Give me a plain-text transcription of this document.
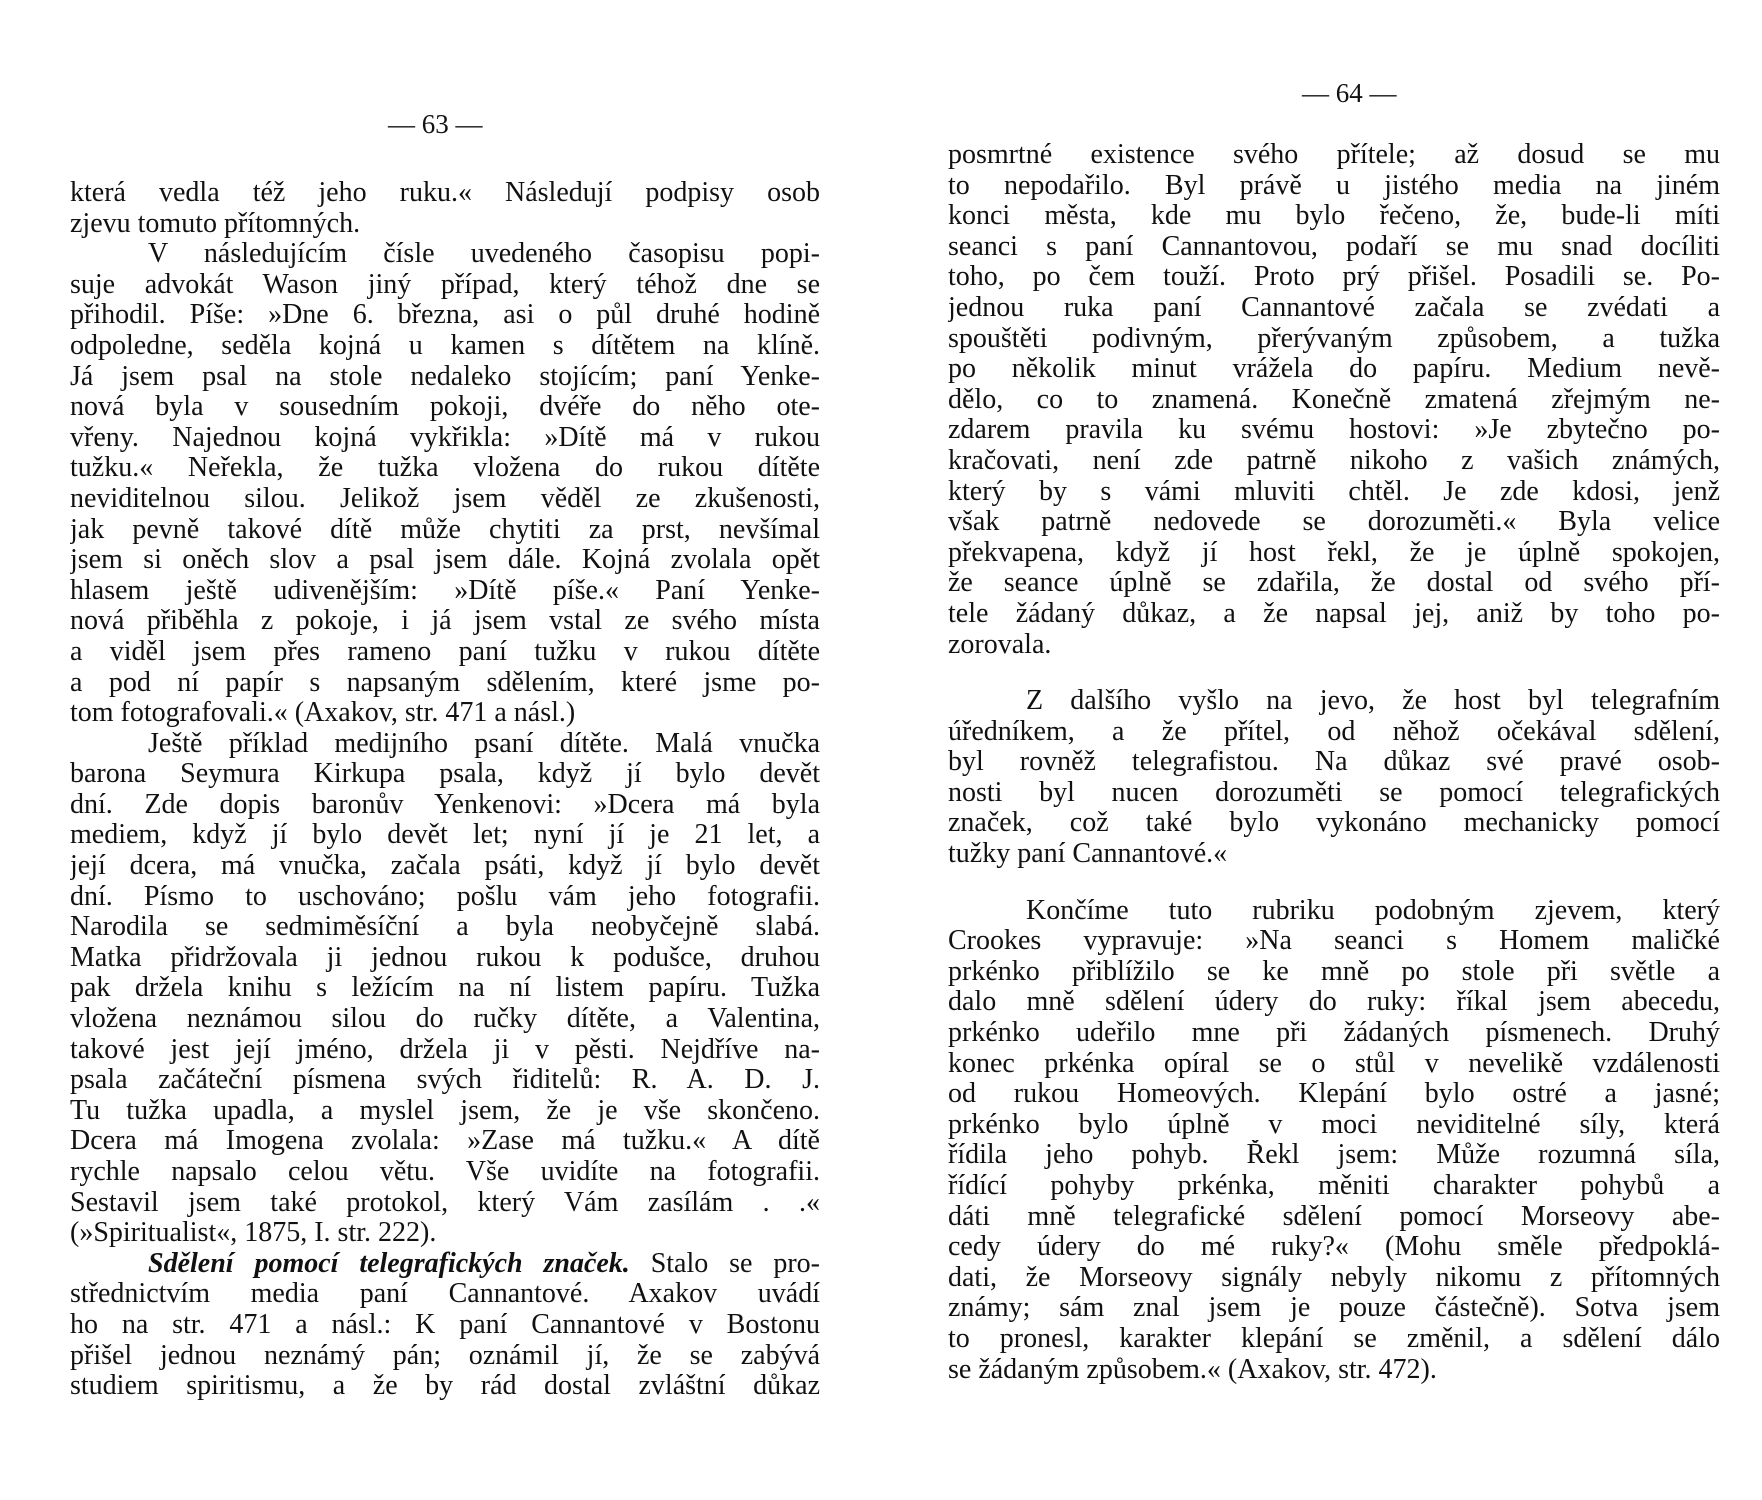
— 63 —
která vedla též jeho ruku.« Následují podpisy osob
zjevu tomuto přítomných.
V následujícím čísle uvedeného časopisu popi-
suje advokát Wason jiný případ, který téhož dne se
přihodil. Píše: »Dne 6. března, asi o půl druhé hodině
odpoledne, seděla kojná u kamen s dítětem na klíně.
Já jsem psal na stole nedaleko stojícím; paní Yenke-
nová byla v sousedním pokoji, dvéře do něho ote-
vřeny. Najednou kojná vykřikla: »Dítě má v rukou
tužku.« Neřekla, že tužka vložena do rukou dítěte
neviditelnou silou. Jelikož jsem věděl ze zkušenosti,
jak pevně takové dítě může chytiti za prst, nevšímal
jsem si oněch slov a psal jsem dále. Kojná zvolala opět
hlasem ještě udivenějším: »Dítě píše.« Paní Yenke-
nová přiběhla z pokoje, i já jsem vstal ze svého místa
a viděl jsem přes rameno paní tužku v rukou dítěte
a pod ní papír s napsaným sdělením, které jsme po-
tom fotografovali.« (Axakov, str. 471 a násl.)
Ještě příklad medijního psaní dítěte. Malá vnučka
barona Seymura Kirkupa psala, když jí bylo devět
dní. Zde dopis baronův Yenkenovi: »Dcera má byla
mediem, když jí bylo devět let; nyní jí je 21 let, a
její dcera, má vnučka, začala psáti, když jí bylo devět
dní. Písmo to uschováno; pošlu vám jeho fotografii.
Narodila se sedmiměsíční a byla neobyčejně slabá.
Matka přidržovala ji jednou rukou k podušce, druhou
pak držela knihu s ležícím na ní listem papíru. Tužka
vložena neznámou silou do ručky dítěte, a Valentina,
takové jest její jméno, držela ji v pěsti. Nejdříve na-
psala začáteční písmena svých řiditelů: R. A. D. J.
Tu tužka upadla, a myslel jsem, že je vše skončeno.
Dcera má Imogena zvolala: »Zase má tužku.« A dítě
rychle napsalo celou větu. Vše uvidíte na fotografii.
Sestavil jsem také protokol, který Vám zasílám . .«
(»Spiritualist«, 1875, I. str. 222).
Sdělení pomocí telegrafických značek. Stalo se pro-
střednictvím media paní Cannantové. Axakov uvádí
ho na str. 471 a násl.: K paní Cannantové v Bostonu
přišel jednou neznámý pán; oznámil jí, že se zabývá
studiem spiritismu, a že by rád dostal zvláštní důkaz
— 64 —
posmrtné existence svého přítele; až dosud se mu
to nepodařilo. Byl právě u jistého media na jiném
konci města, kde mu bylo řečeno, že, bude-li míti
seanci s paní Cannantovou, podaří se mu snad docíliti
toho, po čem touží. Proto prý přišel. Posadili se. Po-
jednou ruka paní Cannantové začala se zvédati a
spouštěti podivným, přerývaným způsobem, a tužka
po několik minut vrážela do papíru. Medium nevě-
dělo, co to znamená. Konečně zmatená zřejmým ne-
zdarem pravila ku svému hostovi: »Je zbytečno po-
kračovati, není zde patrně nikoho z vašich známých,
který by s vámi mluviti chtěl. Je zde kdosi, jenž
však patrně nedovede se dorozuměti.« Byla velice
překvapena, když jí host řekl, že je úplně spokojen,
že seance úplně se zdařila, že dostal od svého pří-
tele žádaný důkaz, a že napsal jej, aniž by toho po-
zorovala.
Z dalšího vyšlo na jevo, že host byl telegrafním
úředníkem, a že přítel, od něhož očekával sdělení,
byl rovněž telegrafistou. Na důkaz své pravé osob-
nosti byl nucen dorozuměti se pomocí telegrafických
značek, což také bylo vykonáno mechanicky pomocí
tužky paní Cannantové.«
Končíme tuto rubriku podobným zjevem, který
Crookes vypravuje: »Na seanci s Homem maličké
prkénko přiblížilo se ke mně po stole při světle a
dalo mně sdělení údery do ruky: říkal jsem abecedu,
prkénko udeřilo mne při žádaných písmenech. Druhý
konec prkénka opíral se o stůl v nevelikě vzdálenosti
od rukou Homeových. Klepání bylo ostré a jasné;
prkénko bylo úplně v moci neviditelné síly, která
řídila jeho pohyb. Řekl jsem: Může rozumná síla,
řídící pohyby prkénka, měniti charakter pohybů a
dáti mně telegrafické sdělení pomocí Morseovy abe-
cedy údery do mé ruky?« (Mohu směle předpoklá-
dati, že Morseovy signály nebyly nikomu z přítomných
známy; sám znal jsem je pouze částečně). Sotva jsem
to pronesl, karakter klepání se změnil, a sdělení dálo
se žádaným způsobem.« (Axakov, str. 472).
